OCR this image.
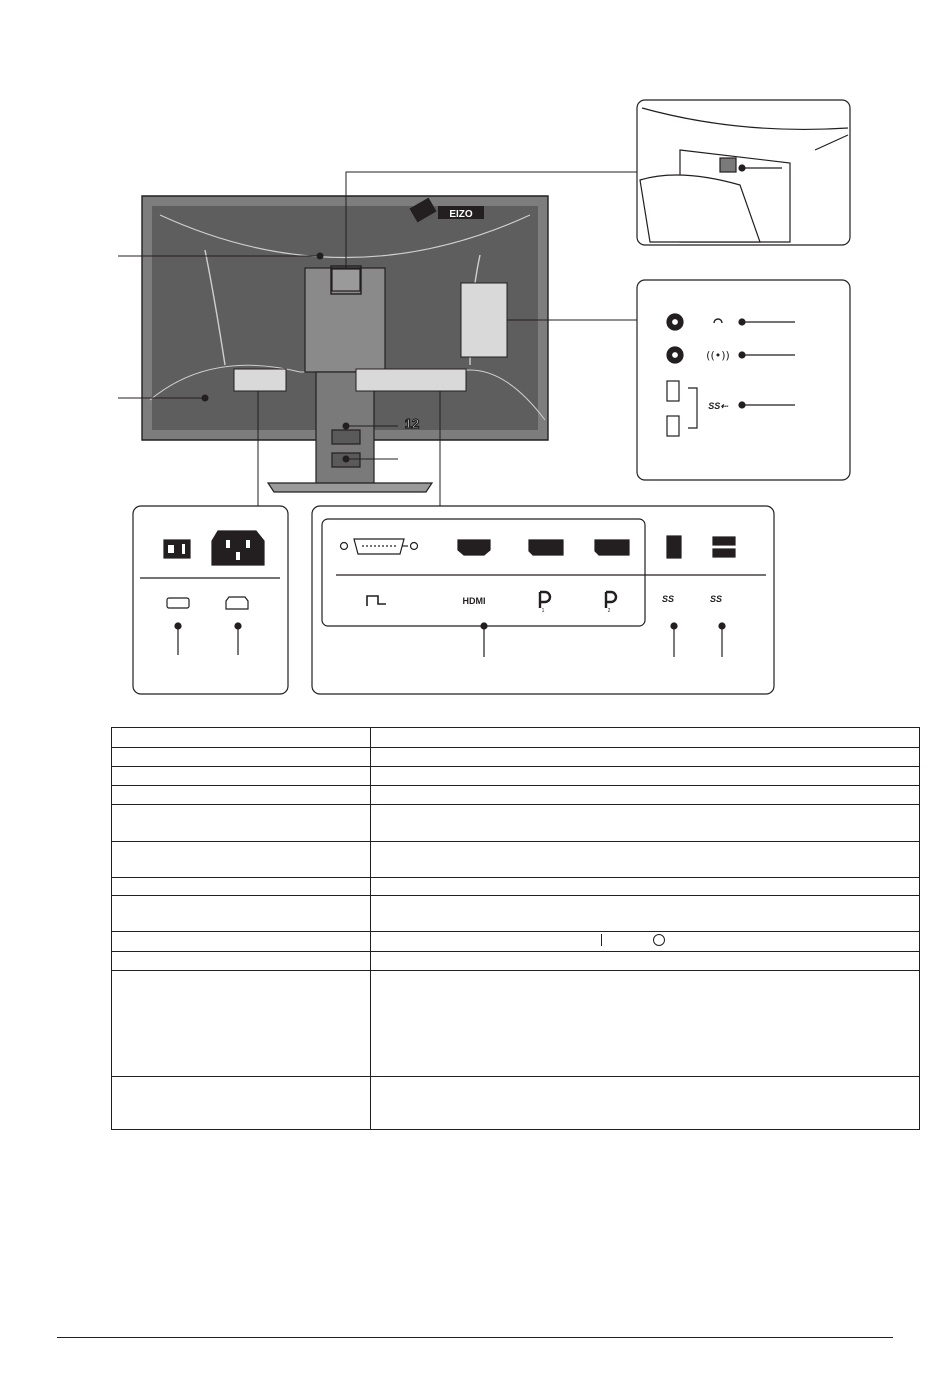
EIZO
12
((•))
SS⇠
HDMI
1	2
SS	SS
